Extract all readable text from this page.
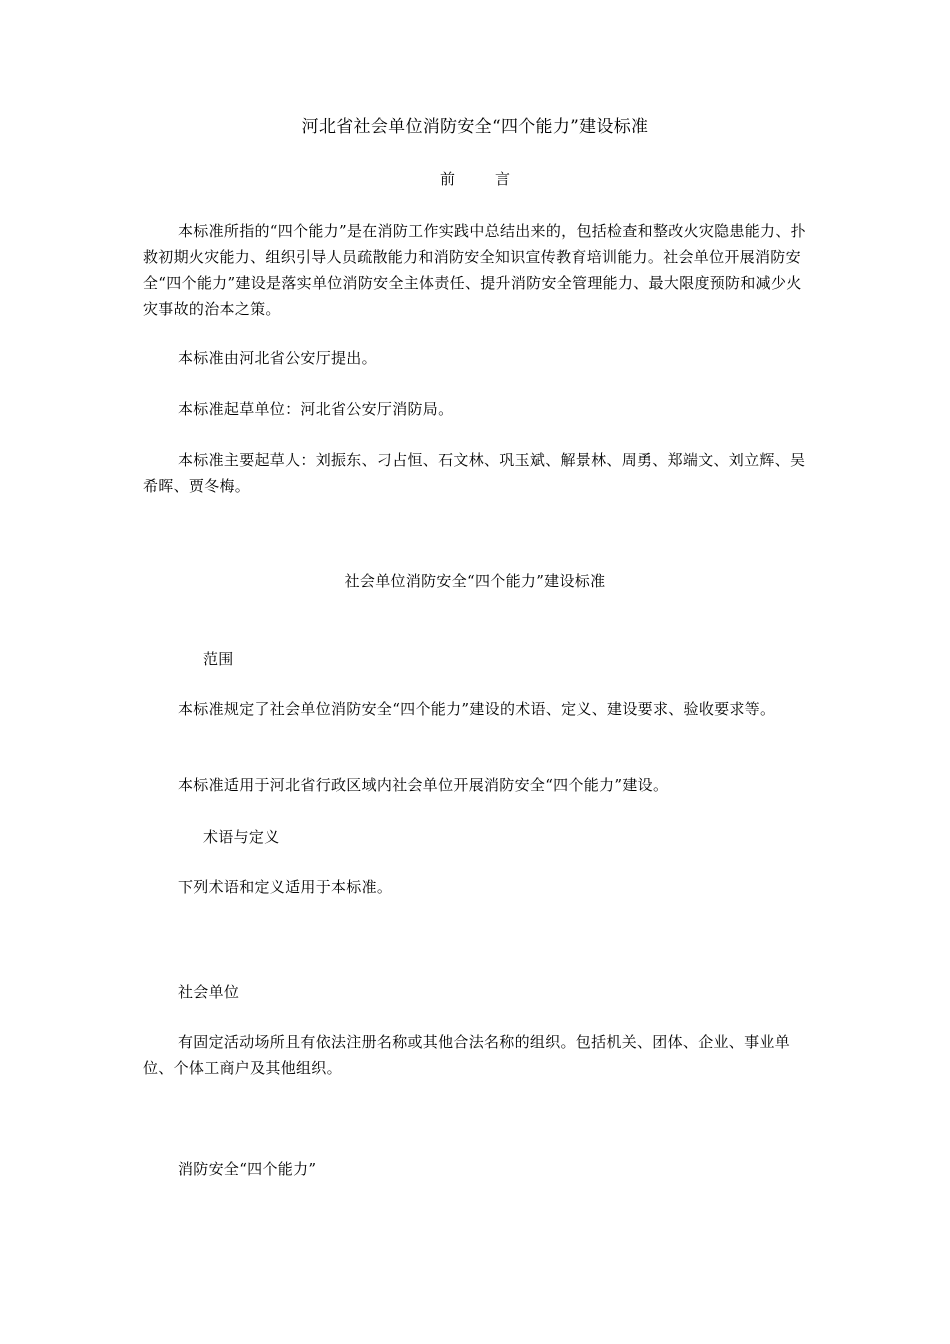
河北省社会单位消防安全“四个能力”建设标准
前	言

本标准所指的“四个能力”是在消防工作实践中总结出来的，包括检查和整改火灾隐患能力、扑救初期火灾能力、组织引导人员疏散能力和消防安全知识宣传教育培训能力。社会单位开展消防安全“四个能力”建设是落实单位消防安全主体责任、提升消防安全管理能力、最大限度预防和减少火灾事故的治本之策。

本标准由河北省公安厅提出。

本标准起草单位：河北省公安厅消防局。

本标准主要起草人：刘振东、刁占恒、石文林、巩玉斌、解景林、周勇、郑端文、刘立辉、吴希晖、贾冬梅。

社会单位消防安全“四个能力”建设标准
范围

本标准规定了社会单位消防安全“四个能力”建设的术语、定义、建设要求、验收要求等。

本标准适用于河北省行政区域内社会单位开展消防安全“四个能力”建设。

术语与定义

下列术语和定义适用于本标准。

社会单位

有固定活动场所且有依法注册名称或其他合法名称的组织。包括机关、团体、企业、事业单位、个体工商户及其他组织。

消防安全“四个能力”
